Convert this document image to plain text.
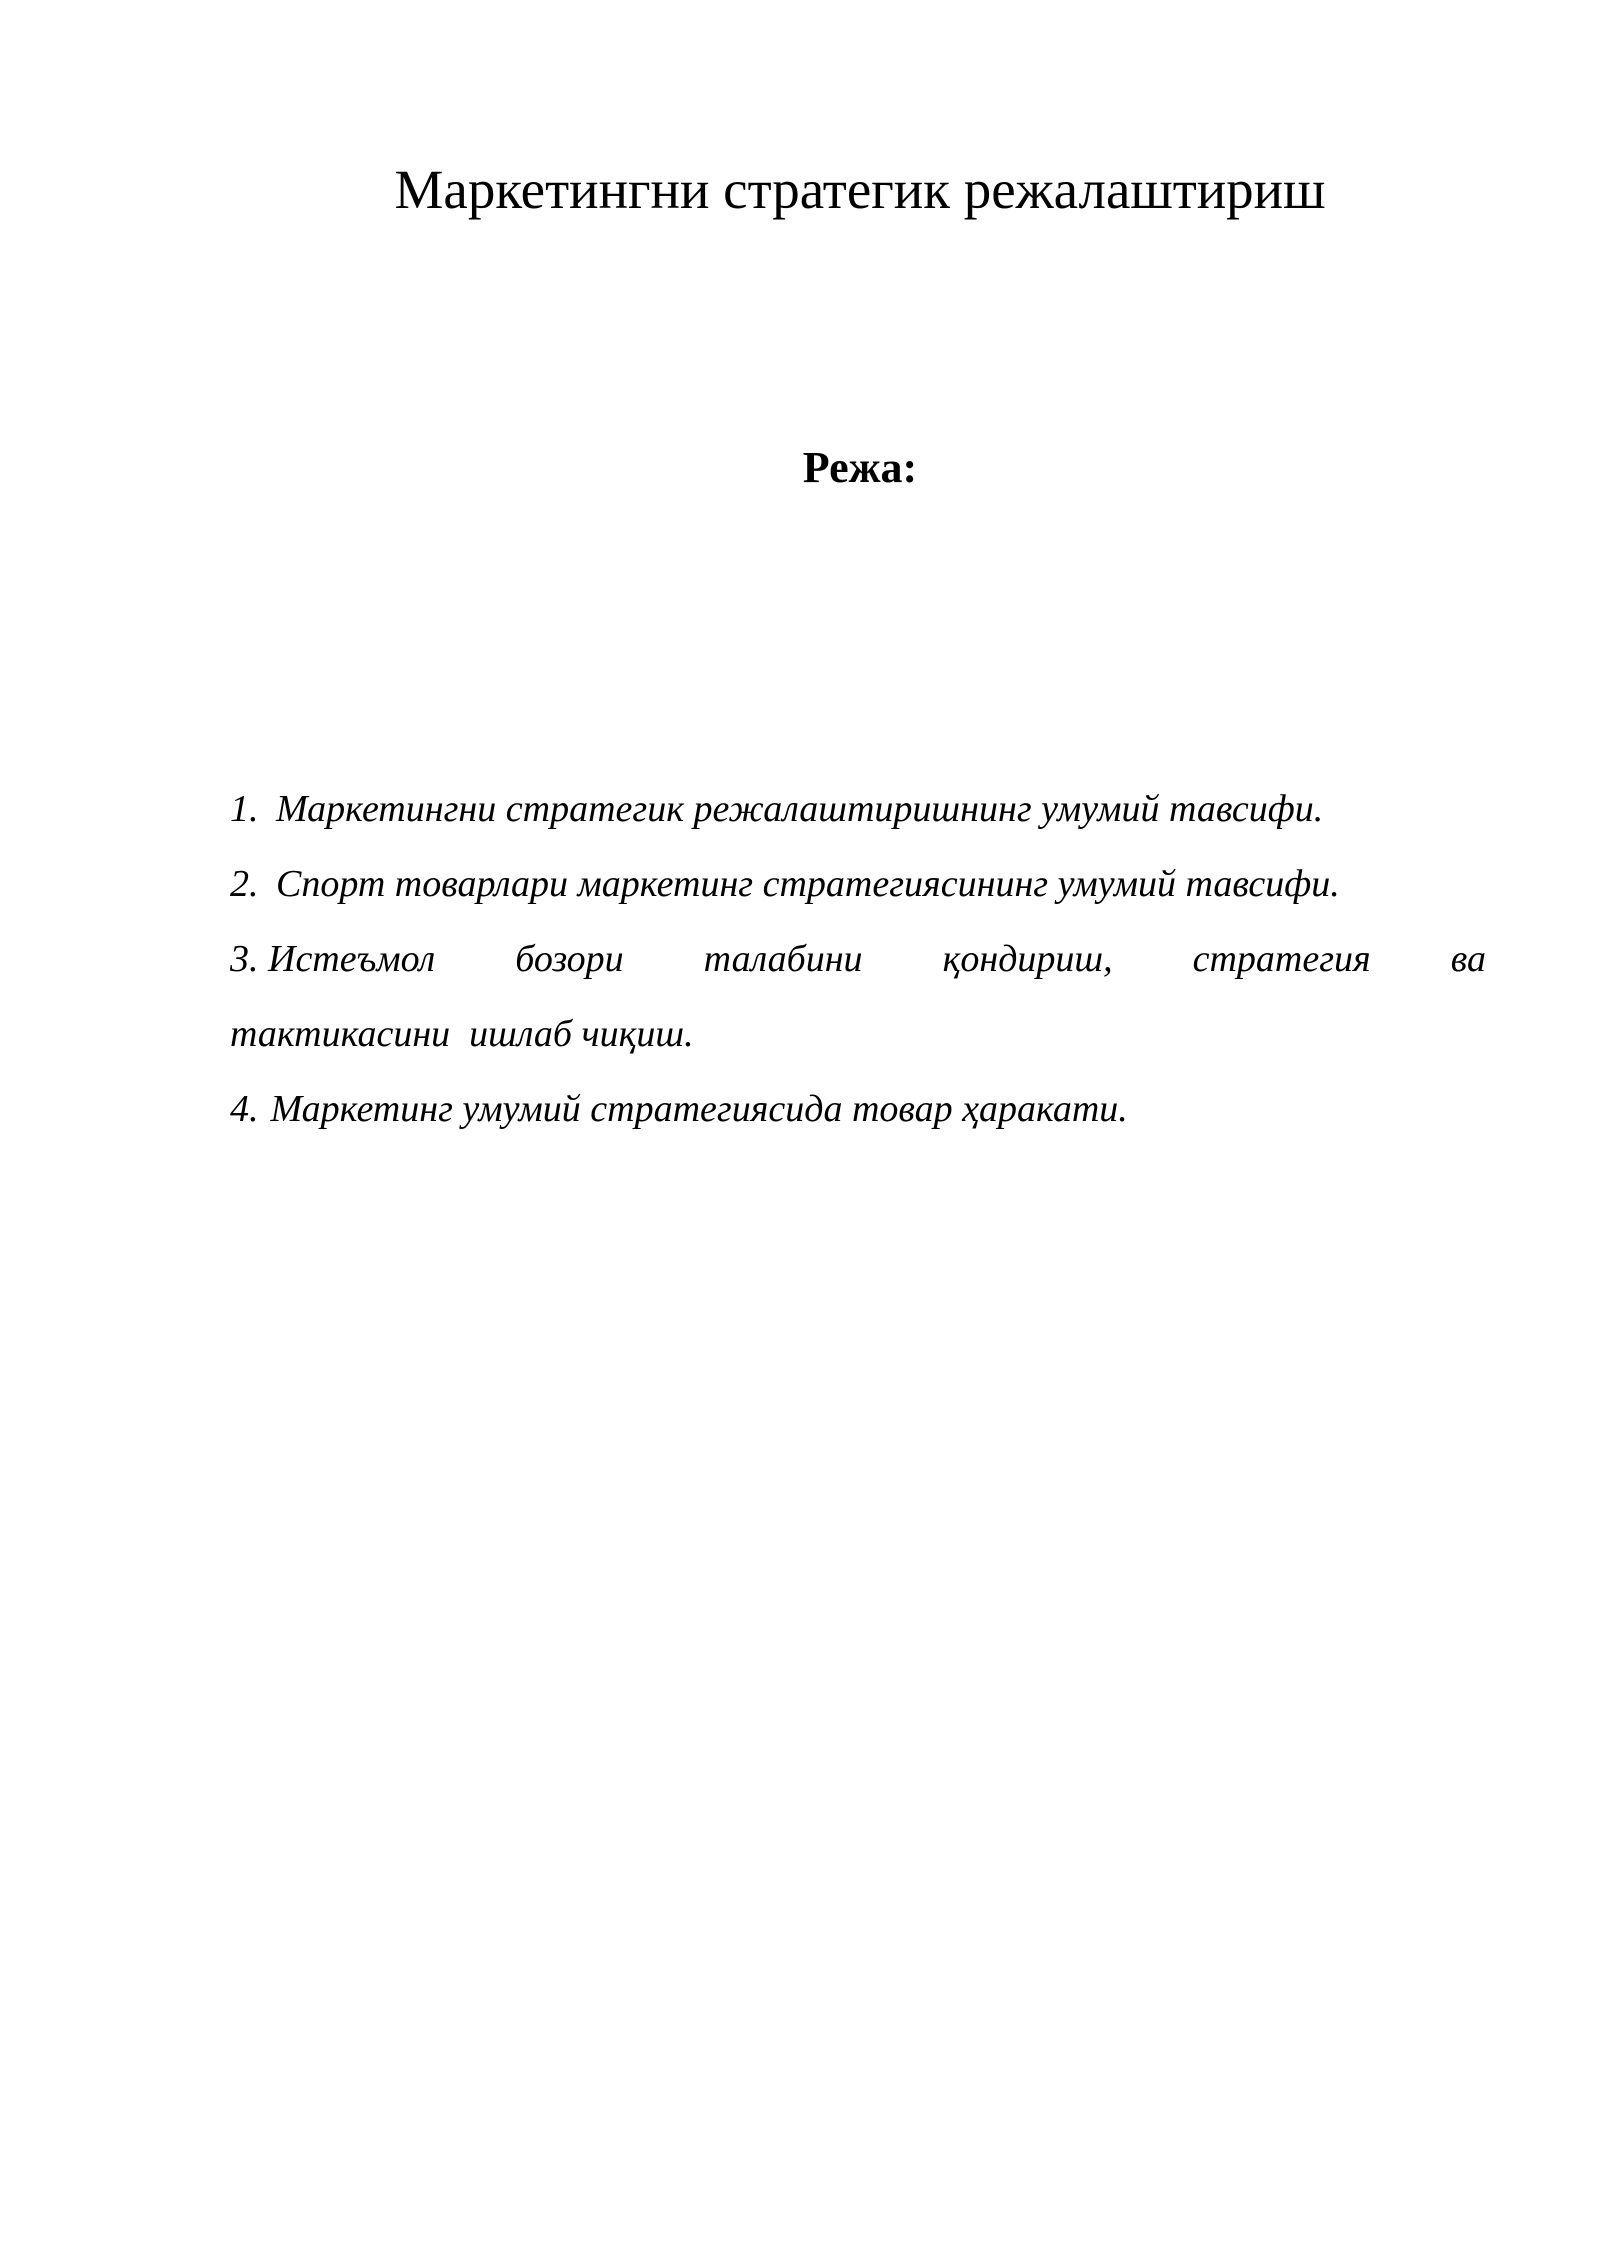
Маркетингни стратегик режалаштириш
Режа:
1. Маркетингни стратегик режалаштиришнинг умумий тавсифи.
2. Спорт товарлари маркетинг стратегиясининг умумий тавсифи.
3. Истеъмол бозори талабини қондириш, стратегия ва
тактикасини  ишлаб чиқиш.
4. Маркетинг умумий стратегиясида товар ҳаракати.
